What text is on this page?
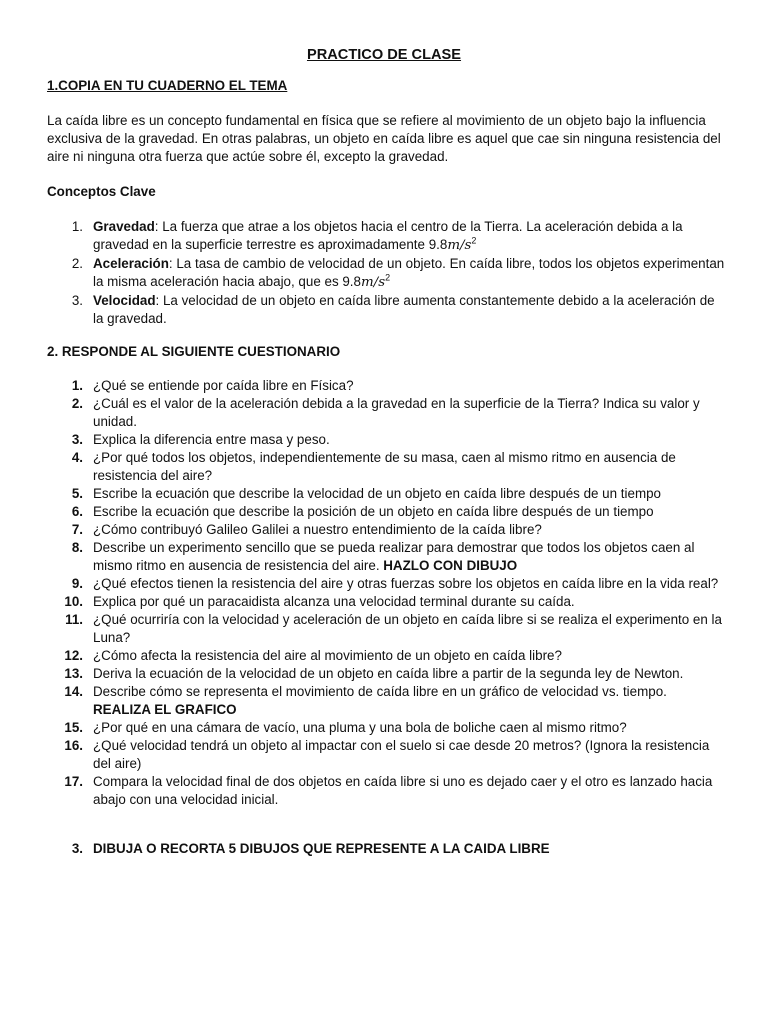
PRACTICO DE CLASE
1.COPIA EN TU CUADERNO EL TEMA
La caída libre es un concepto fundamental en física que se refiere al movimiento de un objeto bajo la influencia exclusiva de la gravedad. En otras palabras, un objeto en caída libre es aquel que cae sin ninguna resistencia del aire ni ninguna otra fuerza que actúe sobre él, excepto la gravedad.
Conceptos Clave
1. Gravedad: La fuerza que atrae a los objetos hacia el centro de la Tierra. La aceleración debida a la gravedad en la superficie terrestre es aproximadamente $9.8m/s^2$
2. Aceleración: La tasa de cambio de velocidad de un objeto. En caída libre, todos los objetos experimentan la misma aceleración hacia abajo, que es $9.8m/s^2$
3. Velocidad: La velocidad de un objeto en caída libre aumenta constantemente debido a la aceleración de la gravedad.
2. RESPONDE AL SIGUIENTE CUESTIONARIO
1. ¿Qué se entiende por caída libre en Física?
2. ¿Cuál es el valor de la aceleración debida a la gravedad en la superficie de la Tierra? Indica su valor y unidad.
3. Explica la diferencia entre masa y peso.
4. ¿Por qué todos los objetos, independientemente de su masa, caen al mismo ritmo en ausencia de resistencia del aire?
5. Escribe la ecuación que describe la velocidad de un objeto en caída libre después de un tiempo
6. Escribe la ecuación que describe la posición de un objeto en caída libre después de un tiempo
7. ¿Cómo contribuyó Galileo Galilei a nuestro entendimiento de la caída libre?
8. Describe un experimento sencillo que se pueda realizar para demostrar que todos los objetos caen al mismo ritmo en ausencia de resistencia del aire. HAZLO CON DIBUJO
9. ¿Qué efectos tienen la resistencia del aire y otras fuerzas sobre los objetos en caída libre en la vida real?
10. Explica por qué un paracaidista alcanza una velocidad terminal durante su caída.
11. ¿Qué ocurriría con la velocidad y aceleración de un objeto en caída libre si se realiza el experimento en la Luna?
12. ¿Cómo afecta la resistencia del aire al movimiento de un objeto en caída libre?
13. Deriva la ecuación de la velocidad de un objeto en caída libre a partir de la segunda ley de Newton.
14. Describe cómo se representa el movimiento de caída libre en un gráfico de velocidad vs. tiempo.
REALIZA EL GRAFICO
15. ¿Por qué en una cámara de vacío, una pluma y una bola de boliche caen al mismo ritmo?
16. ¿Qué velocidad tendrá un objeto al impactar con el suelo si cae desde 20 metros? (Ignora la resistencia del aire)
17. Compara la velocidad final de dos objetos en caída libre si uno es dejado caer y el otro es lanzado hacia abajo con una velocidad inicial.
3. DIBUJA O RECORTA 5 DIBUJOS QUE REPRESENTE A LA CAIDA LIBRE
